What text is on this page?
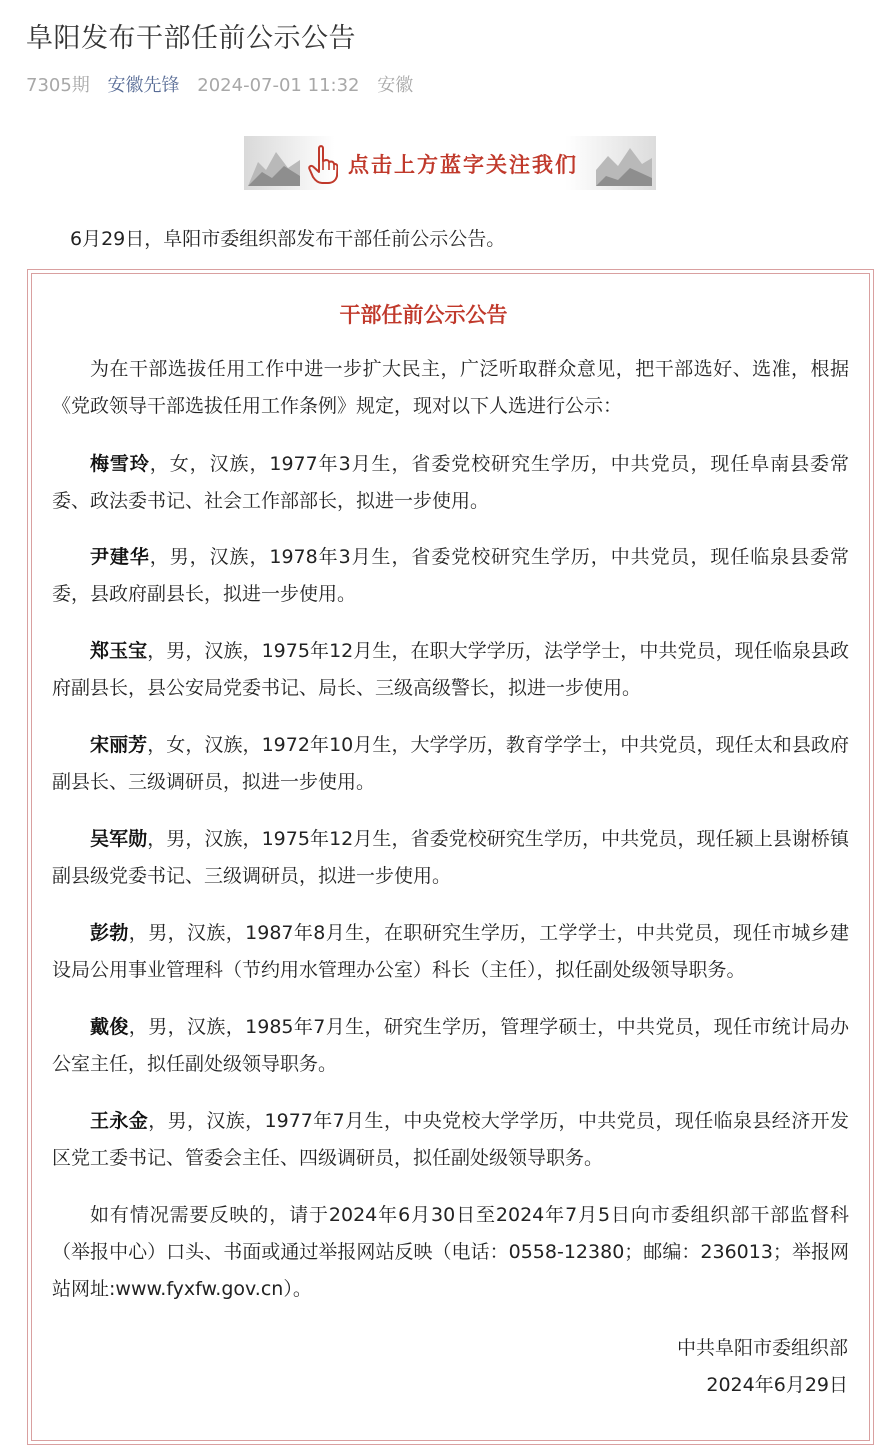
阜阳发布干部任前公示公告
7305期 安徽先锋 2024-07-01 11:32 安徽
点击上方蓝字关注我们
6月29日，阜阳市委组织部发布干部任前公示公告。
干部任前公示公告

为在干部选拔任用工作中进一步扩大民主，广泛听取群众意见，把干部选好、选准，根据《党政领导干部选拔任用工作条例》规定，现对以下人选进行公示：

梅雪玲，女，汉族，1977年3月生，省委党校研究生学历，中共党员，现任阜南县委常委、政法委书记、社会工作部部长，拟进一步使用。

尹建华，男，汉族，1978年3月生，省委党校研究生学历，中共党员，现任临泉县委常委，县政府副县长，拟进一步使用。

郑玉宝，男，汉族，1975年12月生，在职大学学历，法学学士，中共党员，现任临泉县政府副县长，县公安局党委书记、局长、三级高级警长，拟进一步使用。

宋丽芳，女，汉族，1972年10月生，大学学历，教育学学士，中共党员，现任太和县政府副县长、三级调研员，拟进一步使用。

吴军勋，男，汉族，1975年12月生，省委党校研究生学历，中共党员，现任颍上县谢桥镇副县级党委书记、三级调研员，拟进一步使用。

彭勃，男，汉族，1987年8月生，在职研究生学历，工学学士，中共党员，现任市城乡建设局公用事业管理科（节约用水管理办公室）科长（主任），拟任副处级领导职务。

戴俊，男，汉族，1985年7月生，研究生学历，管理学硕士，中共党员，现任市统计局办公室主任，拟任副处级领导职务。

王永金，男，汉族，1977年7月生，中央党校大学学历，中共党员，现任临泉县经济开发区党工委书记、管委会主任、四级调研员，拟任副处级领导职务。

如有情况需要反映的，请于2024年6月30日至2024年7月5日向市委组织部干部监督科（举报中心）口头、书面或通过举报网站反映（电话：0558-12380；邮编：236013；举报网站网址:www.fyxfw.gov.cn）。

中共阜阳市委组织部
2024年6月29日
